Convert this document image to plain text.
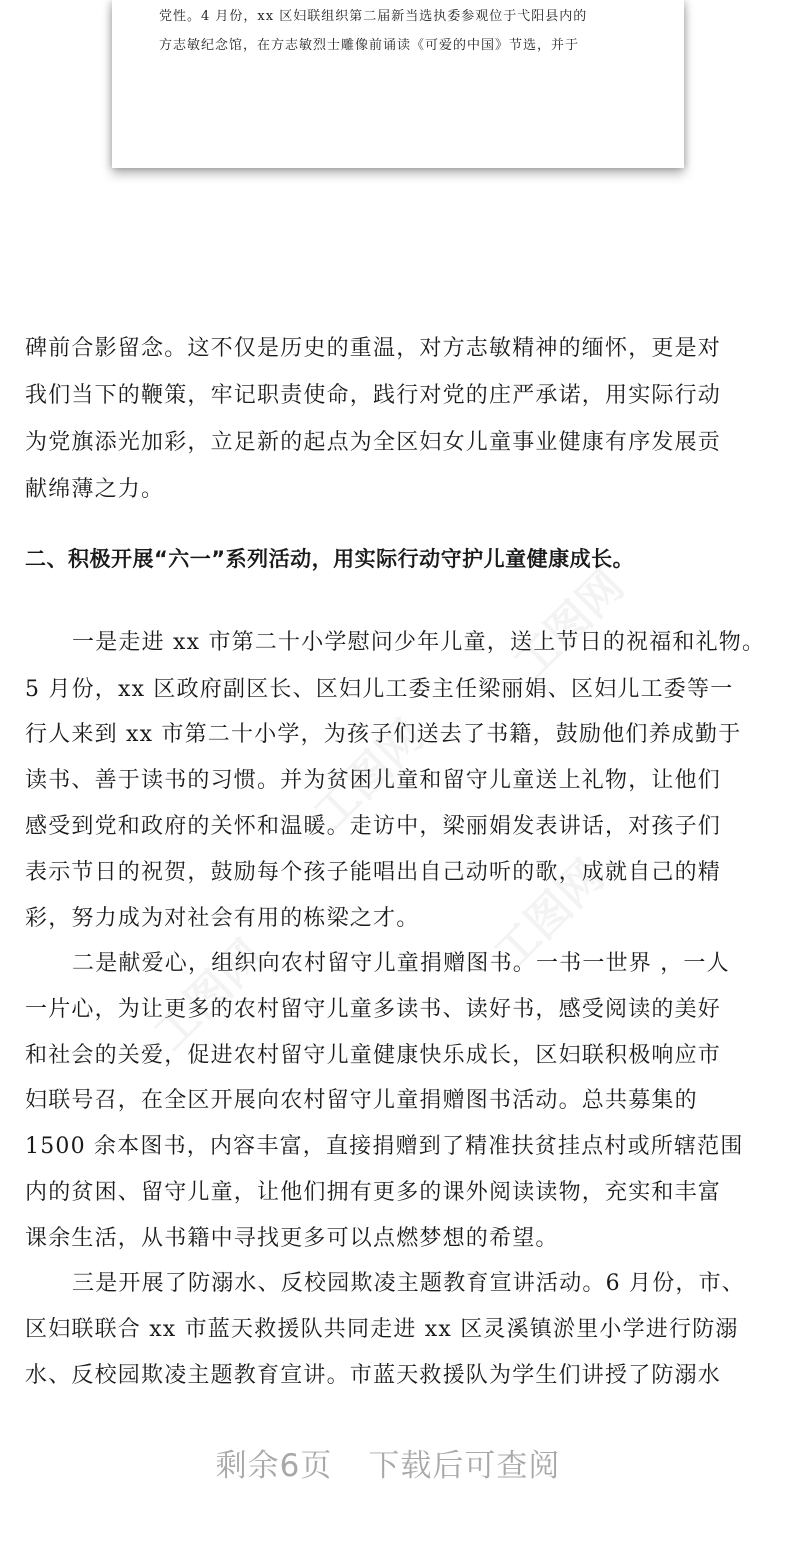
党性。4 月份，xx 区妇联组织第二届新当选执委参观位于弋阳县内的
方志敏纪念馆，在方志敏烈士雕像前诵读《可爱的中国》节选，并于
工图网
工图网
工图网
工图网
碑前合影留念。这不仅是历史的重温，对方志敏精神的缅怀，更是对
我们当下的鞭策，牢记职责使命，践行对党的庄严承诺，用实际行动
为党旗添光加彩，立足新的起点为全区妇女儿童事业健康有序发展贡
献绵薄之力。
二、积极开展“六一”系列活动，用实际行动守护儿童健康成长。
一是走进 xx 市第二十小学慰问少年儿童，送上节日的祝福和礼物。
5 月份，xx 区政府副区长、区妇儿工委主任梁丽娟、区妇儿工委等一
行人来到 xx 市第二十小学，为孩子们送去了书籍，鼓励他们养成勤于
读书、善于读书的习惯。并为贫困儿童和留守儿童送上礼物，让他们
感受到党和政府的关怀和温暖。走访中，梁丽娟发表讲话，对孩子们
表示节日的祝贺，鼓励每个孩子能唱出自己动听的歌，成就自己的精
彩，努力成为对社会有用的栋梁之才。
二是献爱心，组织向农村留守儿童捐赠图书。一书一世界 ，一人
一片心，为让更多的农村留守儿童多读书、读好书，感受阅读的美好
和社会的关爱，促进农村留守儿童健康快乐成长，区妇联积极响应市
妇联号召，在全区开展向农村留守儿童捐赠图书活动。总共募集的
1500 余本图书，内容丰富，直接捐赠到了精准扶贫挂点村或所辖范围
内的贫困、留守儿童，让他们拥有更多的课外阅读读物，充实和丰富
课余生活，从书籍中寻找更多可以点燃梦想的希望。
三是开展了防溺水、反校园欺凌主题教育宣讲活动。6 月份，市、
区妇联联合 xx 市蓝天救援队共同走进 xx 区灵溪镇淤里小学进行防溺
水、反校园欺凌主题教育宣讲。市蓝天救援队为学生们讲授了防溺水
剩余6页 下载后可查阅
